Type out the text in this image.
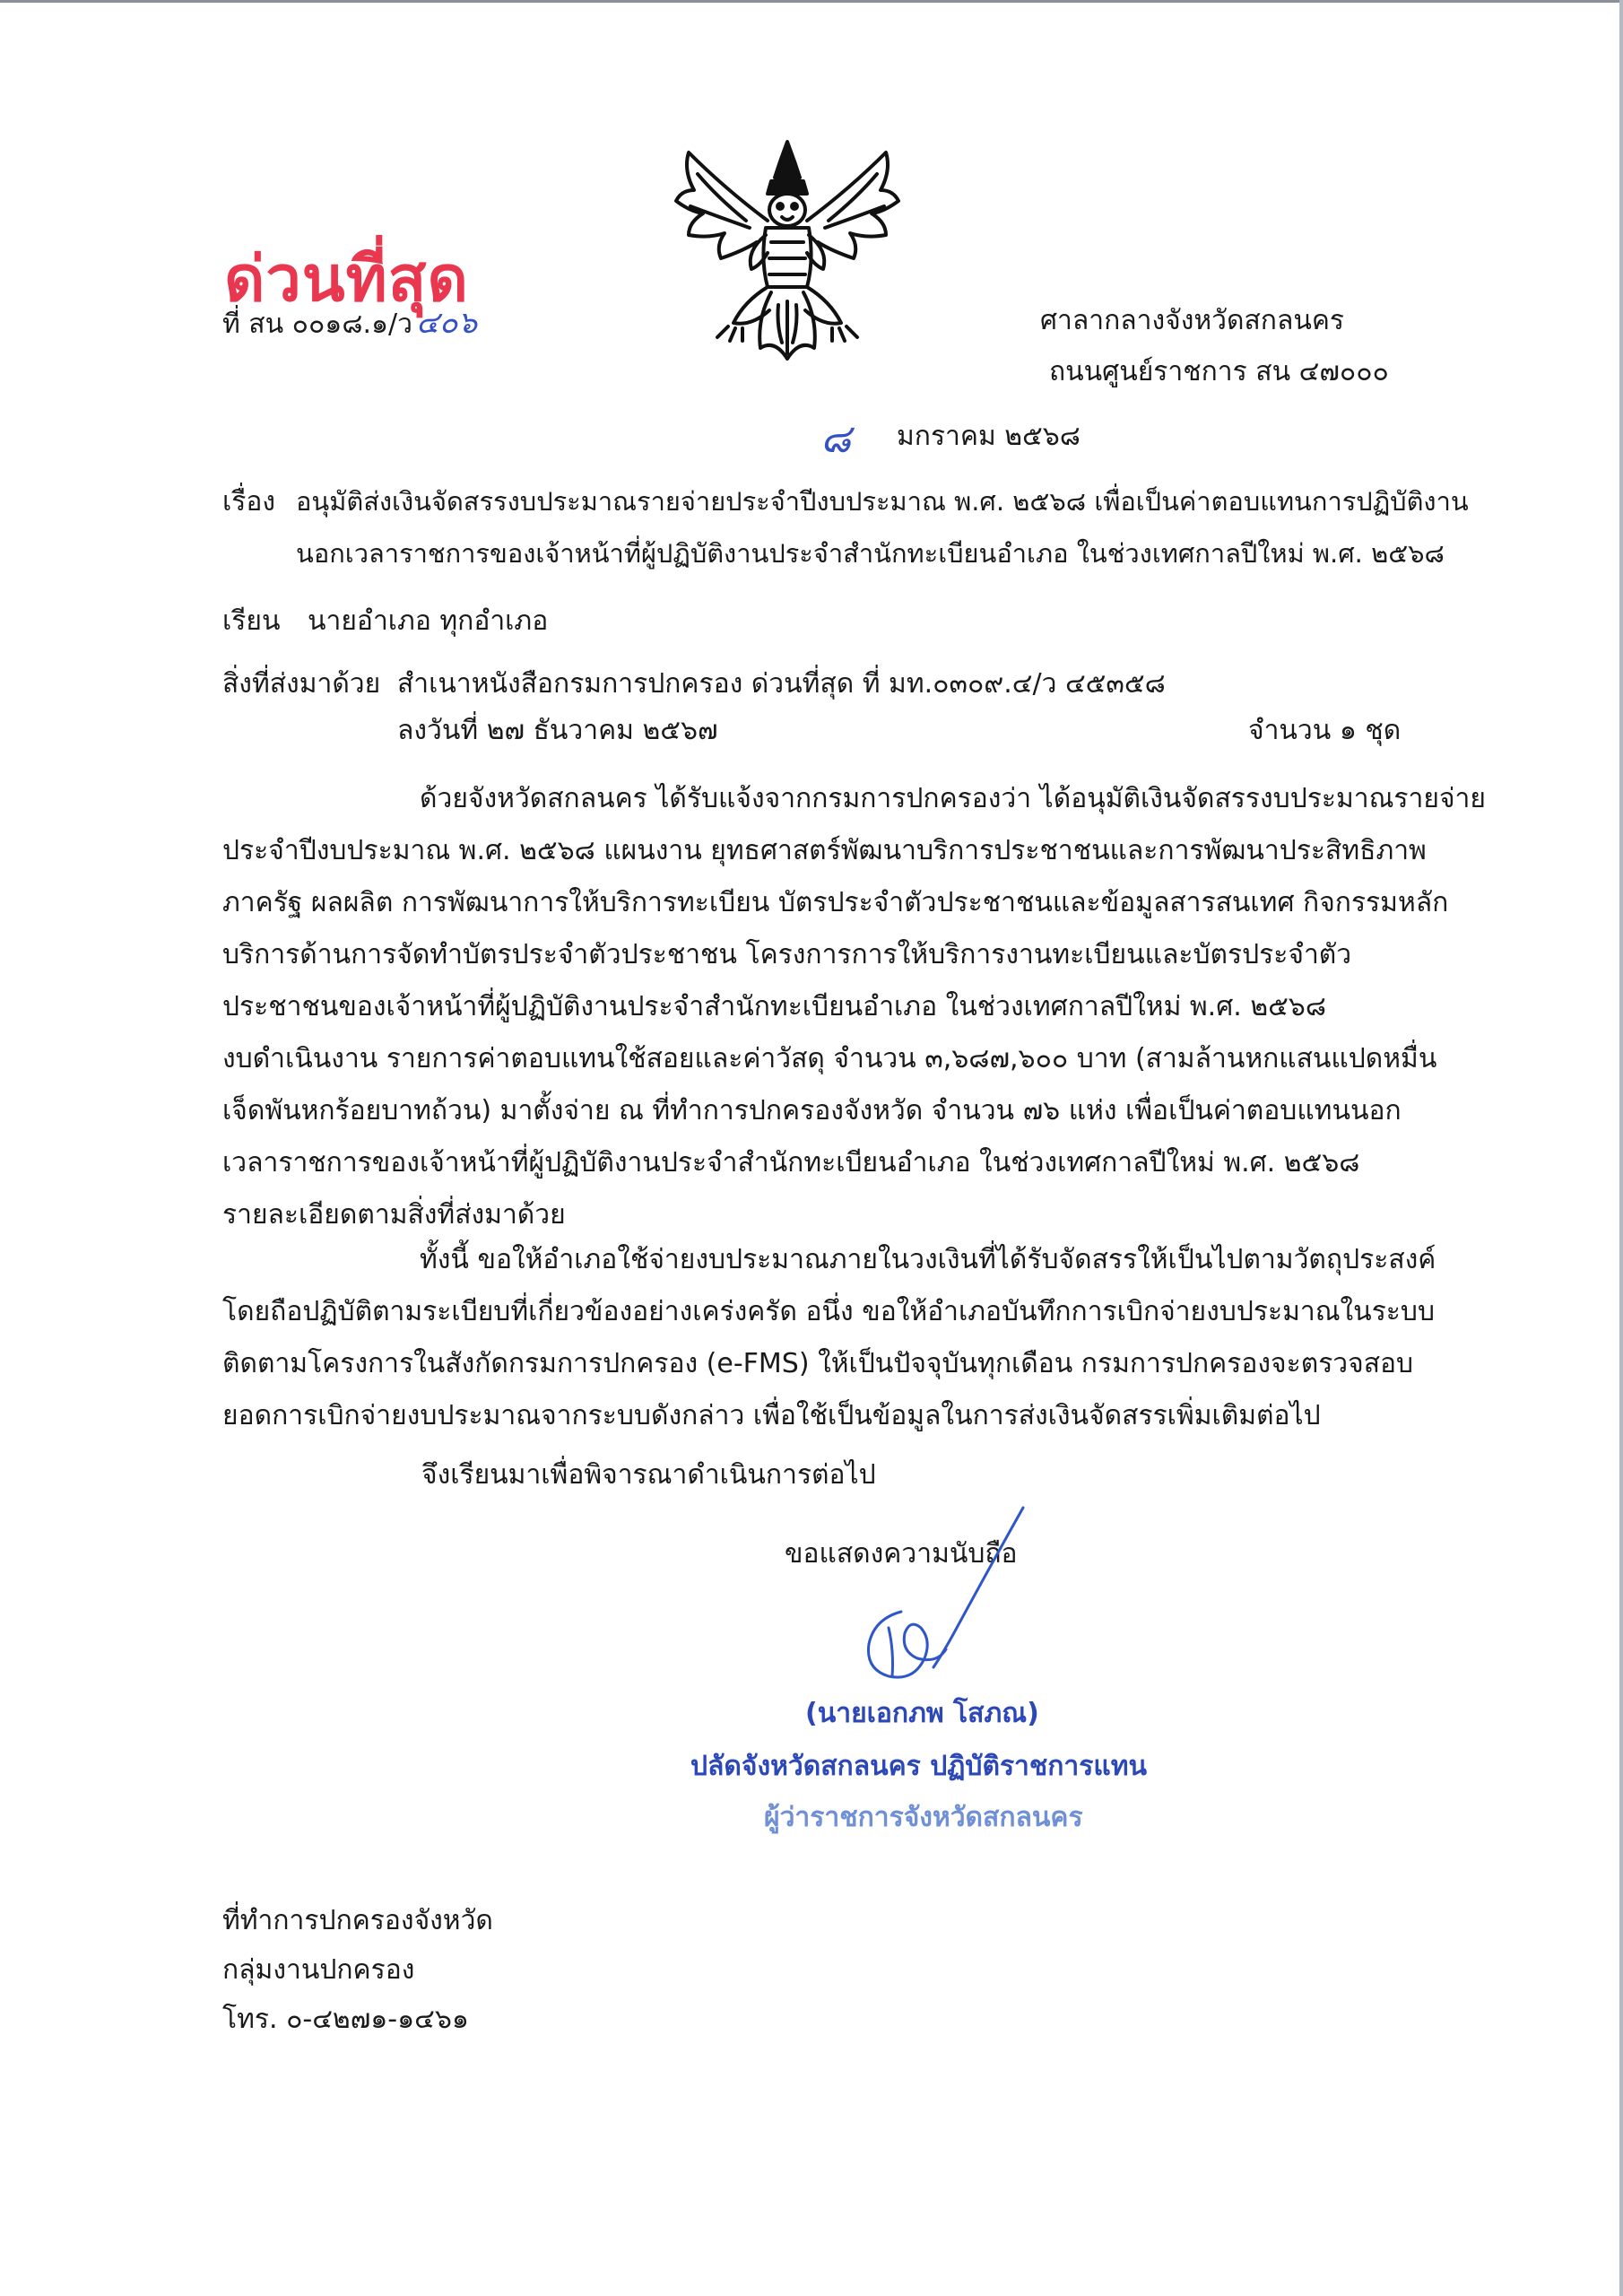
ด่วนที่สุด
ที่ สน ๐๐๑๘.๑/ว ๔๐๖	ศาลากลางจังหวัดสกลนคร
ถนนศูนย์ราชการ สน ๔๗๐๐๐
๘ มกราคม ๒๕๖๘
เรื่อง อนุมัติส่งเงินจัดสรรงบประมาณรายจ่ายประจำปีงบประมาณ พ.ศ. ๒๕๖๘ เพื่อเป็นค่าตอบแทนการปฏิบัติงาน
นอกเวลาราชการของเจ้าหน้าที่ผู้ปฏิบัติงานประจำสำนักทะเบียนอำเภอ ในช่วงเทศกาลปีใหม่ พ.ศ. ๒๕๖๘
เรียน นายอำเภอ ทุกอำเภอ
สิ่งที่ส่งมาด้วย สำเนาหนังสือกรมการปกครอง ด่วนที่สุด ที่ มท.๐๓๐๙.๔/ว ๔๕๓๕๘
ลงวันที่ ๒๗ ธันวาคม ๒๕๖๗	จำนวน ๑ ชุด
ด้วยจังหวัดสกลนคร ได้รับแจ้งจากกรมการปกครองว่า ได้อนุมัติเงินจัดสรรงบประมาณรายจ่าย
ประจำปีงบประมาณ พ.ศ. ๒๕๖๘ แผนงาน ยุทธศาสตร์พัฒนาบริการประชาชนและการพัฒนาประสิทธิภาพ
ภาครัฐ ผลผลิต การพัฒนาการให้บริการทะเบียน บัตรประจำตัวประชาชนและข้อมูลสารสนเทศ กิจกรรมหลัก
บริการด้านการจัดทำบัตรประจำตัวประชาชน โครงการการให้บริการงานทะเบียนและบัตรประจำตัว
ประชาชนของเจ้าหน้าที่ผู้ปฏิบัติงานประจำสำนักทะเบียนอำเภอ ในช่วงเทศกาลปีใหม่ พ.ศ. ๒๕๖๘
งบดำเนินงาน รายการค่าตอบแทนใช้สอยและค่าวัสดุ จำนวน ๓,๖๘๗,๖๐๐ บาท (สามล้านหกแสนแปดหมื่น
เจ็ดพันหกร้อยบาทถ้วน) มาตั้งจ่าย ณ ที่ทำการปกครองจังหวัด จำนวน ๗๖ แห่ง เพื่อเป็นค่าตอบแทนนอก
เวลาราชการของเจ้าหน้าที่ผู้ปฏิบัติงานประจำสำนักทะเบียนอำเภอ ในช่วงเทศกาลปีใหม่ พ.ศ. ๒๕๖๘
รายละเอียดตามสิ่งที่ส่งมาด้วย
ทั้งนี้ ขอให้อำเภอใช้จ่ายงบประมาณภายในวงเงินที่ได้รับจัดสรรให้เป็นไปตามวัตถุประสงค์
โดยถือปฏิบัติตามระเบียบที่เกี่ยวข้องอย่างเคร่งครัด อนึ่ง ขอให้อำเภอบันทึกการเบิกจ่ายงบประมาณในระบบ
ติดตามโครงการในสังกัดกรมการปกครอง (e-FMS) ให้เป็นปัจจุบันทุกเดือน กรมการปกครองจะตรวจสอบ
ยอดการเบิกจ่ายงบประมาณจากระบบดังกล่าว เพื่อใช้เป็นข้อมูลในการส่งเงินจัดสรรเพิ่มเติมต่อไป
จึงเรียนมาเพื่อพิจารณาดำเนินการต่อไป
ขอแสดงความนับถือ
(นายเอกภพ โสภณ)
ปลัดจังหวัดสกลนคร ปฏิบัติราชการแทน
ผู้ว่าราชการจังหวัดสกลนคร
ที่ทำการปกครองจังหวัด
กลุ่มงานปกครอง
โทร. ๐-๔๒๗๑-๑๔๖๑
